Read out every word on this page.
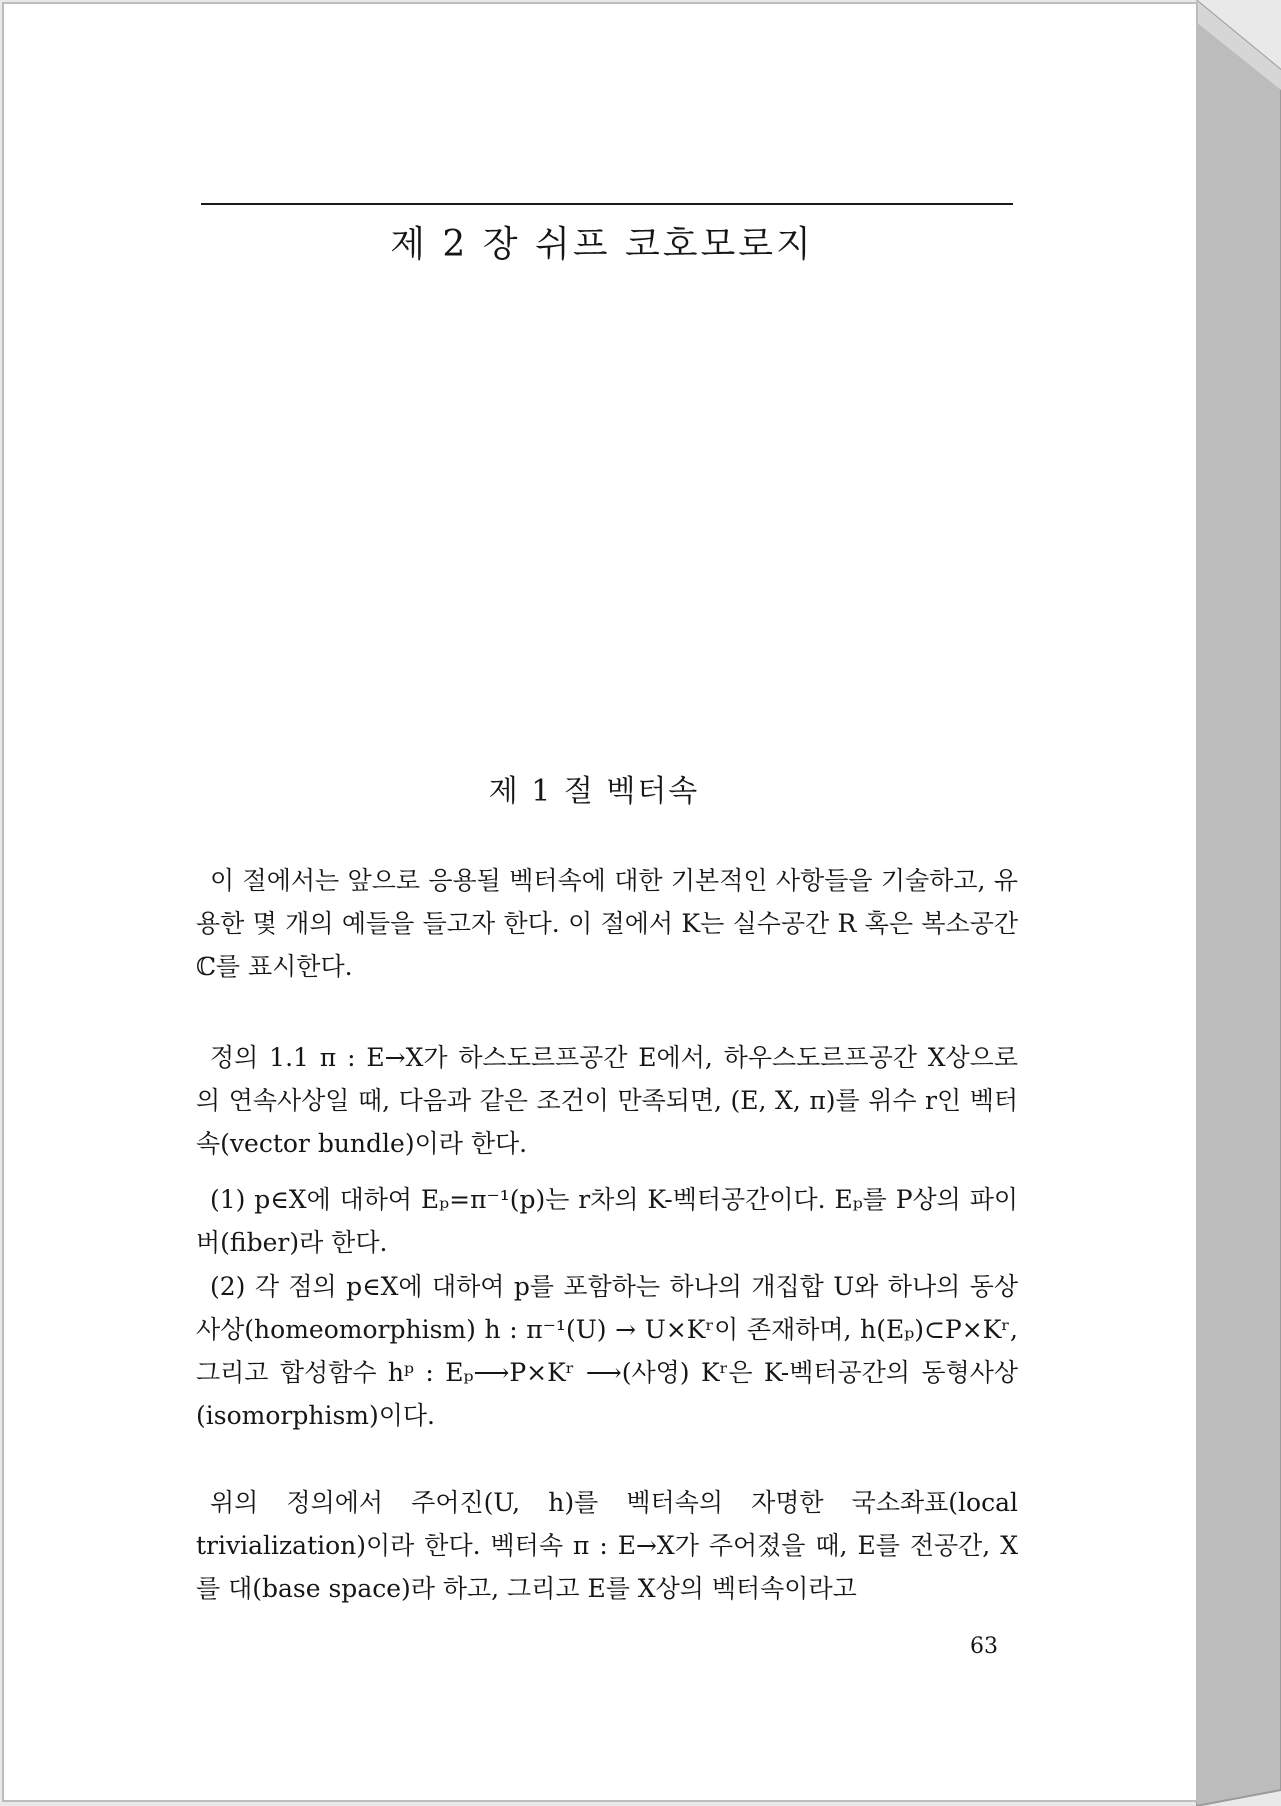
제 2 장 쉬프 코호모로지
제 1 절 벡터속

이 절에서는 앞으로 응용될 벡터속에 대한 기본적인 사항들을 기술하고, 유용한 몇 개의 예들을 들고자 한다. 이 절에서 K는 실수공간 R 혹은 복소공간 ℂ를 표시한다.

정의 1.1 π : E→X가 하스도르프공간 E에서, 하우스도르프공간 X상으로의 연속사상일 때, 다음과 같은 조건이 만족되면, (E, X, π)를 위수 r인 벡터속(vector bundle)이라 한다.

(1) p∈X에 대하여 Eₚ=π⁻¹(p)는 r차의 K-벡터공간이다. Eₚ를 P상의 파이버(fiber)라 한다.

(2) 각 점의 p∈X에 대하여 p를 포함하는 하나의 개집합 U와 하나의 동상사상(homeomorphism) h : π⁻¹(U) → U×Kʳ이 존재하며, h(Eₚ)⊂P×Kʳ, 그리고 합성함수 hᵖ : Eₚ⟶P×Kʳ ⟶(사영) Kʳ은 K-벡터공간의 동형사상(isomorphism)이다.

위의 정의에서 주어진(U, h)를 벡터속의 자명한 국소좌표(local trivialization)이라 한다. 벡터속 π : E→X가 주어졌을 때, E를 전공간, X를 대(base space)라 하고, 그리고 E를 X상의 벡터속이라고

63
